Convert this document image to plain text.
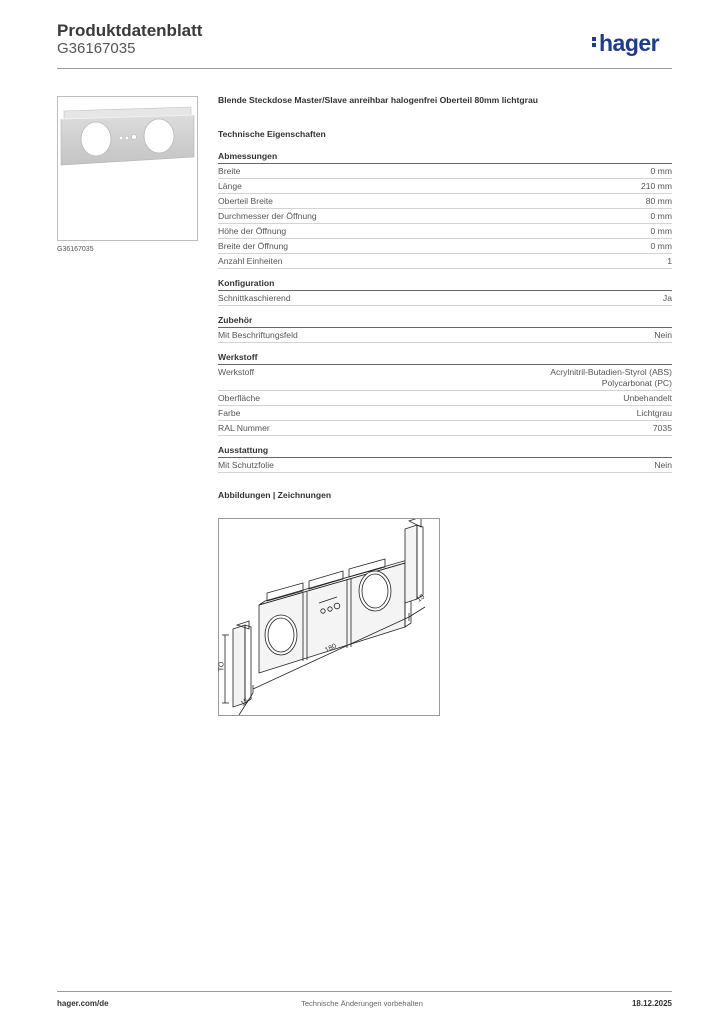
Produktdatenblatt
G36167035	hager
G36167035
Blende Steckdose Master/Slave anreihbar halogenfrei Oberteil 80mm lichtgrau
Technische Eigenschaften
Abmessungen
Breite	0 mm
Länge	210 mm
Oberteil Breite	80 mm
Durchmesser der Öffnung	0 mm
Höhe der Öffnung	0 mm
Breite der Öffnung	0 mm
Anzahl Einheiten	1
Konfiguration
Schnittkaschierend	Ja
Zubehör
Mit Beschriftungsfeld	Nein
Werkstoff
Werkstoff	Acrylnitril-Butadien-Styrol (ABS)
Polycarbonat (PC)
Oberfläche	Unbehandelt
Farbe	Lichtgrau
RAL Nummer	7035
Ausstattung
Mit Schutzfolie	Nein
Abbildungen | Zeichnungen
180
TO
15
15
hager.com/de	Technische Änderungen vorbehalten	18.12.2025
